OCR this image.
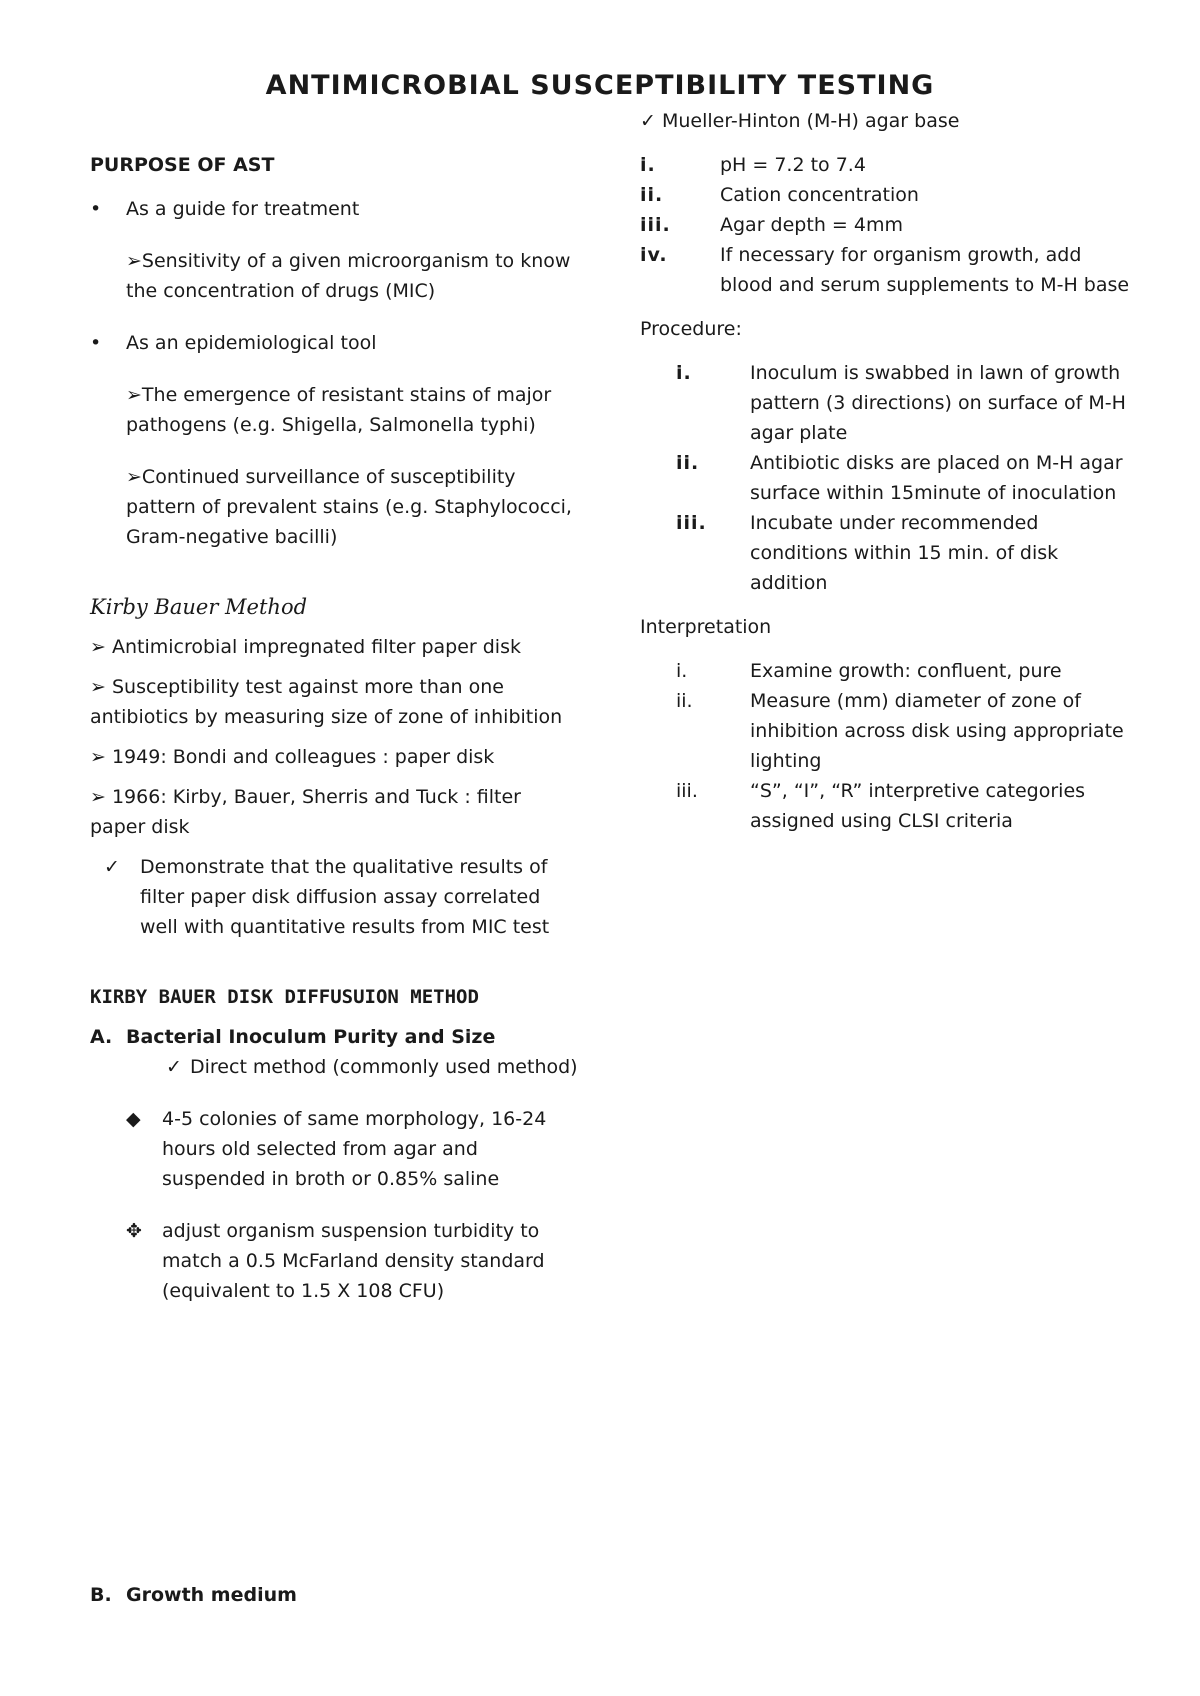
ANTIMICROBIAL SUSCEPTIBILITY TESTING

PURPOSE OF AST

•	As a guide for treatment

➢Sensitivity of a given microorganism to know the concentration of drugs (MIC)

•	As an epidemiological tool

➢The emergence of resistant stains of major pathogens (e.g. Shigella, Salmonella typhi)

➢Continued surveillance of susceptibility pattern of prevalent stains (e.g. Staphylococci, Gram-negative bacilli)

Kirby Bauer Method

➢ Antimicrobial impregnated filter paper disk

➢ Susceptibility test against more than one antibiotics by measuring size of zone of inhibition

➢ 1949: Bondi and colleagues : paper disk

➢ 1966: Kirby, Bauer, Sherris and Tuck : filter paper disk

✓	Demonstrate that the qualitative results of filter paper disk diffusion assay correlated well with quantitative results from MIC test

KIRBY BAUER DISK DIFFUSUION METHOD

A. Bacterial Inoculum Purity and Size
✓ Direct method (commonly used method)
◆	4-5 colonies of same morphology, 16-24 hours old selected from agar and suspended in broth or 0.85% saline
✥	adjust organism suspension turbidity to match a 0.5 McFarland density standard (equivalent to 1.5 X 108 CFU)
B. Growth medium

✓ Mueller-Hinton (M-H) agar base

i.	pH = 7.2 to 7.4
ii.	Cation concentration
iii.	Agar depth = 4mm
iv.	If necessary for organism growth, add blood and serum supplements to M-H base

Procedure:

i.	Inoculum is swabbed in lawn of growth pattern (3 directions) on surface of M-H agar plate
ii.	Antibiotic disks are placed on M-H agar surface within 15minute of inoculation
iii.	Incubate under recommended conditions within 15 min. of disk addition

Interpretation

i.	Examine growth: confluent, pure
ii.	Measure (mm) diameter of zone of inhibition across disk using appropriate lighting
iii.	“S”, “I”, “R” interpretive categories assigned using CLSI criteria
